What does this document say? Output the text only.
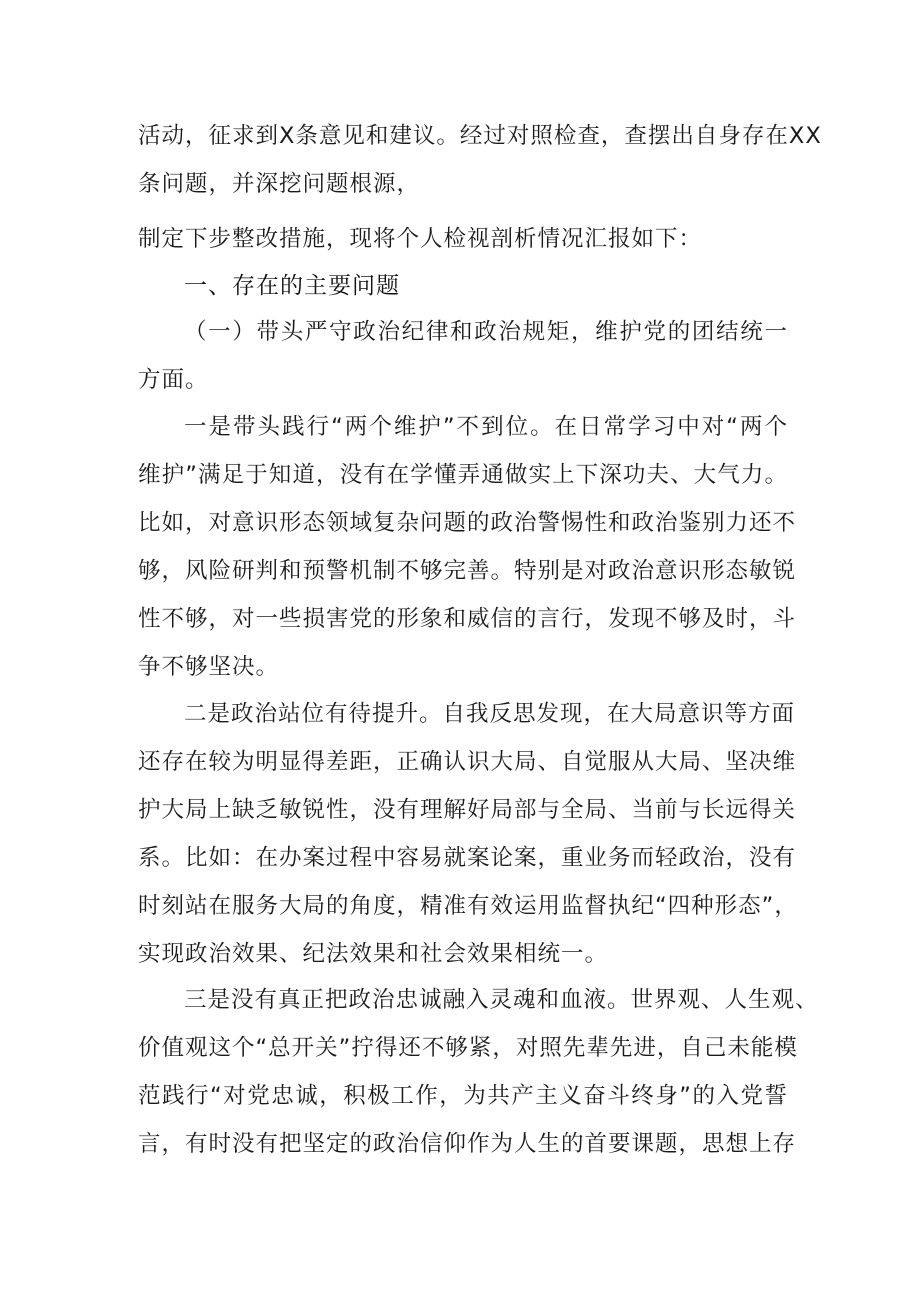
活动，征求到X条意见和建议。经过对照检查，查摆出自身存在XX
条问题，并深挖问题根源，
制定下步整改措施，现将个人检视剖析情况汇报如下：
一、存在的主要问题
（一）带头严守政治纪律和政治规矩，维护党的团结统一
方面。
一是带头践行“两个维护”不到位。在日常学习中对“两个
维护”满足于知道，没有在学懂弄通做实上下深功夫、大气力。
比如，对意识形态领域复杂问题的政治警惕性和政治鉴别力还不
够，风险研判和预警机制不够完善。特别是对政治意识形态敏锐
性不够，对一些损害党的形象和威信的言行，发现不够及时，斗
争不够坚决。
二是政治站位有待提升。自我反思发现，在大局意识等方面
还存在较为明显得差距，正确认识大局、自觉服从大局、坚决维
护大局上缺乏敏锐性，没有理解好局部与全局、当前与长远得关
系。比如：在办案过程中容易就案论案，重业务而轻政治，没有
时刻站在服务大局的角度，精准有效运用监督执纪“四种形态”，
实现政治效果、纪法效果和社会效果相统一。
三是没有真正把政治忠诚融入灵魂和血液。世界观、人生观、
价值观这个“总开关”拧得还不够紧，对照先辈先进，自己未能模
范践行“对党忠诚，积极工作，为共产主义奋斗终身”的入党誓
言，有时没有把坚定的政治信仰作为人生的首要课题，思想上存
